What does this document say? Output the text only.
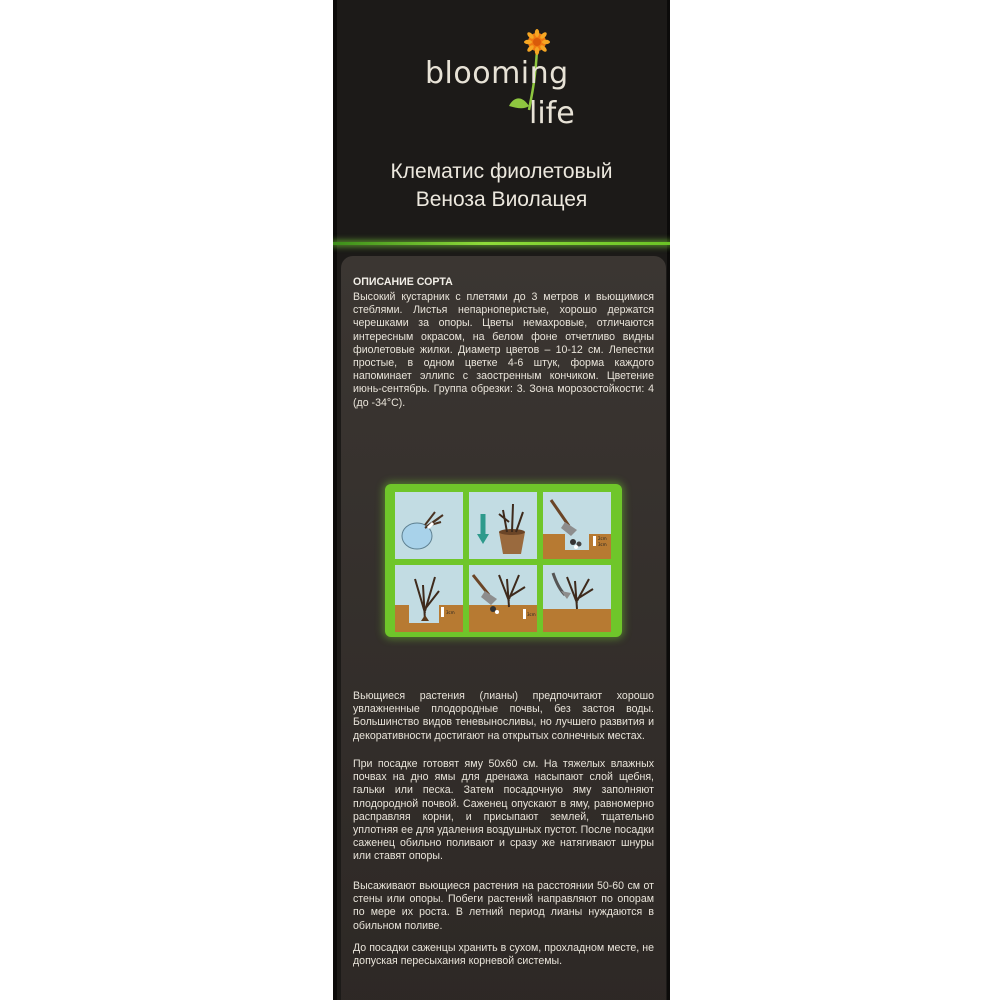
blooming
life
Клематис фиолетовый
Веноза Виолацея
ОПИСАНИЕ СОРТА
Высокий кустарник с плетями до 3 метров и вьющимися стеблями. Листья непарноперистые, хорошо держатся черешками за опоры. Цветы немахровые, отличаются интересным окрасом, на белом фоне отчетливо видны фиолетовые жилки. Диаметр цветов – 10-12 см. Лепестки простые, в одном цветке 4-6 штук, форма каждого напоминает эллипс с заостренным кончиком. Цветение июнь-сентябрь. Группа обрезки: 3. Зона морозостойкости: 4 (до -34°С).
2cm
3cm
3cm	3cm
Вьющиеся растения (лианы) предпочитают хорошо увлажненные плодородные почвы, без застоя воды. Большинство видов теневыносливы, но лучшего развития и декоративности достигают на открытых солнечных местах.
При посадке готовят яму 50х60 см. На тяжелых влажных почвах на дно ямы для дренажа насыпают слой щебня, гальки или песка. Затем посадочную яму заполняют плодородной почвой. Саженец опускают в яму, равномерно расправляя корни, и присыпают землей, тщательно уплотняя ее для удаления воздушных пустот. После посадки саженец обильно поливают и сразу же натягивают шнуры или ставят опоры.
Высаживают вьющиеся растения на расстоянии 50-60 см от стены или опоры. Побеги растений направляют по опорам по мере их роста. В летний период лианы нуждаются в обильном поливе.
До посадки саженцы хранить в сухом, прохладном месте, не допуская пересыхания корневой системы.
